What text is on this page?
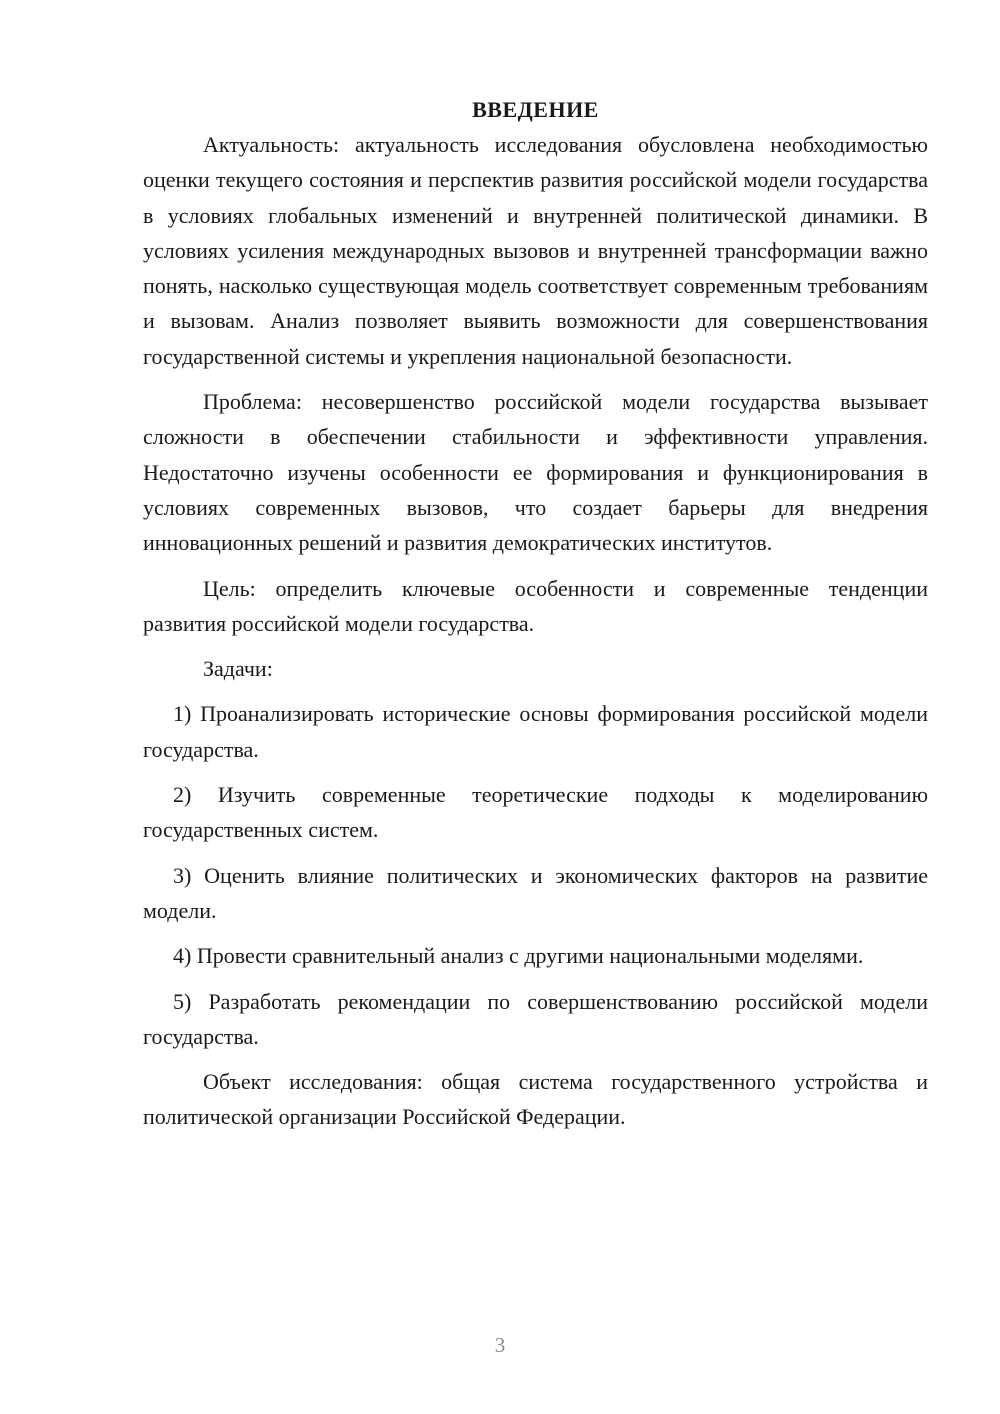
ВВЕДЕНИЕ

Актуальность: актуальность исследования обусловлена необходимостью оценки текущего состояния и перспектив развития российской модели государства в условиях глобальных изменений и внутренней политической динамики. В условиях усиления международных вызовов и внутренней трансформации важно понять, насколько существующая модель соответствует современным требованиям и вызовам. Анализ позволяет выявить возможности для совершенствования государственной системы и укрепления национальной безопасности.

Проблема: несовершенство российской модели государства вызывает сложности в обеспечении стабильности и эффективности управления. Недостаточно изучены особенности ее формирования и функционирования в условиях современных вызовов, что создает барьеры для внедрения инновационных решений и развития демократических институтов.

Цель: определить ключевые особенности и современные тенденции развития российской модели государства.

Задачи:

1) Проанализировать исторические основы формирования российской модели государства.

2) Изучить современные теоретические подходы к моделированию государственных систем.

3) Оценить влияние политических и экономических факторов на развитие модели.

4) Провести сравнительный анализ с другими национальными моделями.

5) Разработать рекомендации по совершенствованию российской модели государства.

Объект исследования: общая система государственного устройства и политической организации Российской Федерации.

3
